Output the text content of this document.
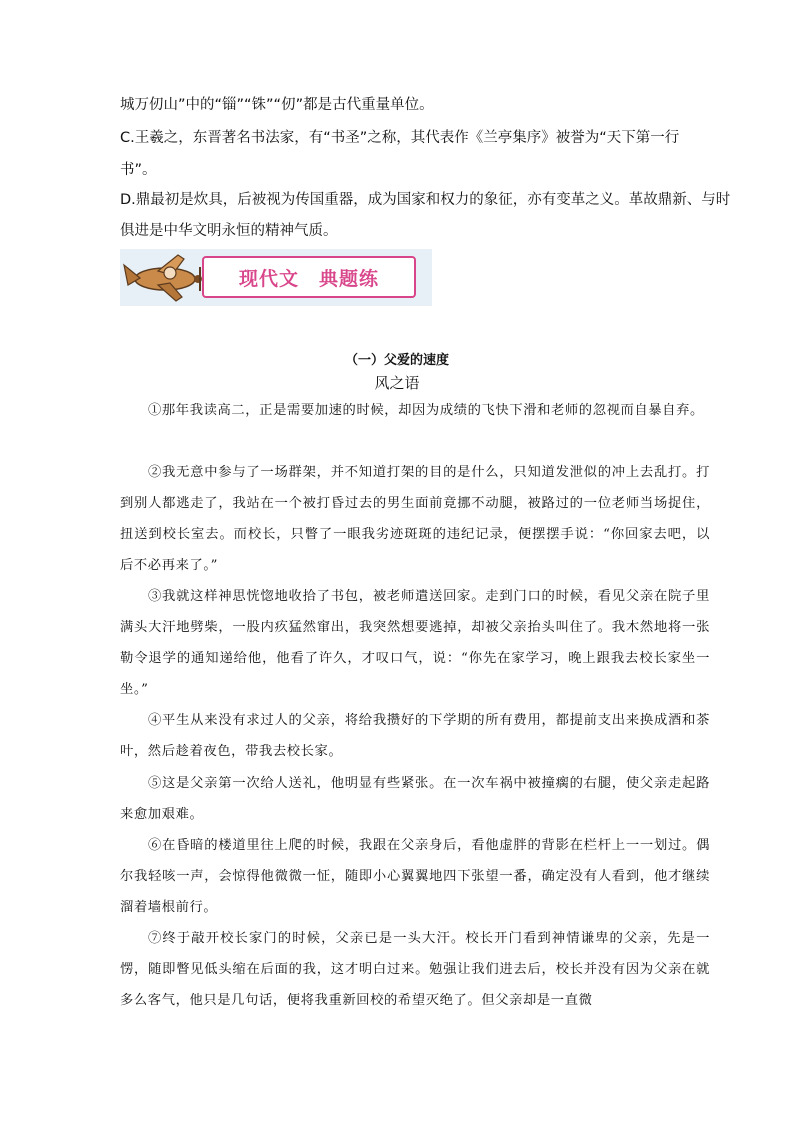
城万仞山”中的“锱”“铢”“仞”都是古代重量单位。
C.王羲之，东晋著名书法家，有“书圣”之称，其代表作《兰亭集序》被誉为“天下第一行
书”。
D.鼎最初是炊具，后被视为传国重器，成为国家和权力的象征，亦有变革之义。革故鼎新、与时
俱进是中华文明永恒的精神气质。
现代文　典题练
（一）父爱的速度
风之语
①那年我读高二，正是需要加速的时候，却因为成绩的飞快下滑和老师的忽视而自暴自弃。
②我无意中参与了一场群架，并不知道打架的目的是什么，只知道发泄似的冲上去乱打。打到别人都逃走了，我站在一个被打昏过去的男生面前竟挪不动腿，被路过的一位老师当场捉住，扭送到校长室去。而校长，只瞥了一眼我劣迹斑斑的违纪记录，便摆摆手说：“你回家去吧，以后不必再来了。”
③我就这样神思恍惚地收拾了书包，被老师遣送回家。走到门口的时候，看见父亲在院子里满头大汗地劈柴，一股内疚猛然窜出，我突然想要逃掉，却被父亲抬头叫住了。我木然地将一张勒令退学的通知递给他，他看了许久，才叹口气，说：“你先在家学习，晚上跟我去校长家坐一坐。”
④平生从来没有求过人的父亲，将给我攒好的下学期的所有费用，都提前支出来换成酒和茶叶，然后趁着夜色，带我去校长家。
⑤这是父亲第一次给人送礼，他明显有些紧张。在一次车祸中被撞瘸的右腿，使父亲走起路来愈加艰难。
⑥在昏暗的楼道里往上爬的时候，我跟在父亲身后，看他虚胖的背影在栏杆上一一划过。偶尔我轻咳一声，会惊得他微微一怔，随即小心翼翼地四下张望一番，确定没有人看到，他才继续溜着墙根前行。
⑦终于敲开校长家门的时候，父亲已是一头大汗。校长开门看到神情谦卑的父亲，先是一愣，随即瞥见低头缩在后面的我，这才明白过来。勉强让我们进去后，校长并没有因为父亲在就多么客气，他只是几句话，便将我重新回校的希望灭绝了。但父亲却是一直微
